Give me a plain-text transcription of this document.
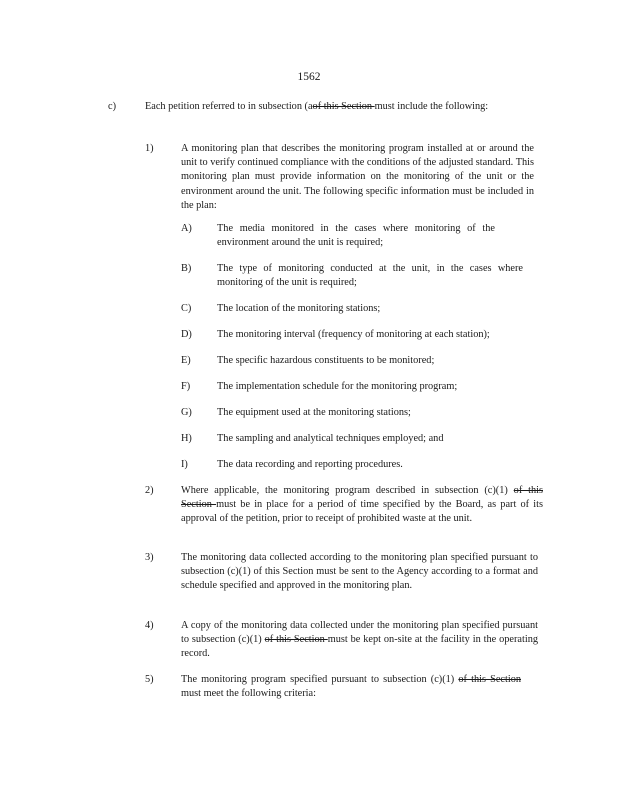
1562
c)	Each petition referred to in subsection (aof this Section must include the following:
1)	A monitoring plan that describes the monitoring program installed at or around the unit to verify continued compliance with the conditions of the adjusted standard. This monitoring plan must provide information on the monitoring of the unit or the environment around the unit. The following specific information must be included in the plan:
A) The media monitored in the cases where monitoring of the environment around the unit is required;
B) The type of monitoring conducted at the unit, in the cases where monitoring of the unit is required;
C) The location of the monitoring stations;
D) The monitoring interval (frequency of monitoring at each station);
E)	The specific hazardous constituents to be monitored;
F)	The implementation schedule for the monitoring program;
G) The equipment used at the monitoring stations;
H) The sampling and analytical techniques employed; and
I)	The data recording and reporting procedures.
2)	Where applicable, the monitoring program described in subsection (c)(1) of this Section must be in place for a period of time specified by the Board, as part of its approval of the petition, prior to receipt of prohibited waste at the unit.
3)	The monitoring data collected according to the monitoring plan specified pursuant to subsection (c)(1) of this Section must be sent to the Agency according to a format and schedule specified and approved in the monitoring plan.
4)	A copy of the monitoring data collected under the monitoring plan specified pursuant to subsection (c)(1) of this Section must be kept on-site at the facility in the operating record.
5)	The monitoring program specified pursuant to subsection (c)(1) of this Section must meet the following criteria:
